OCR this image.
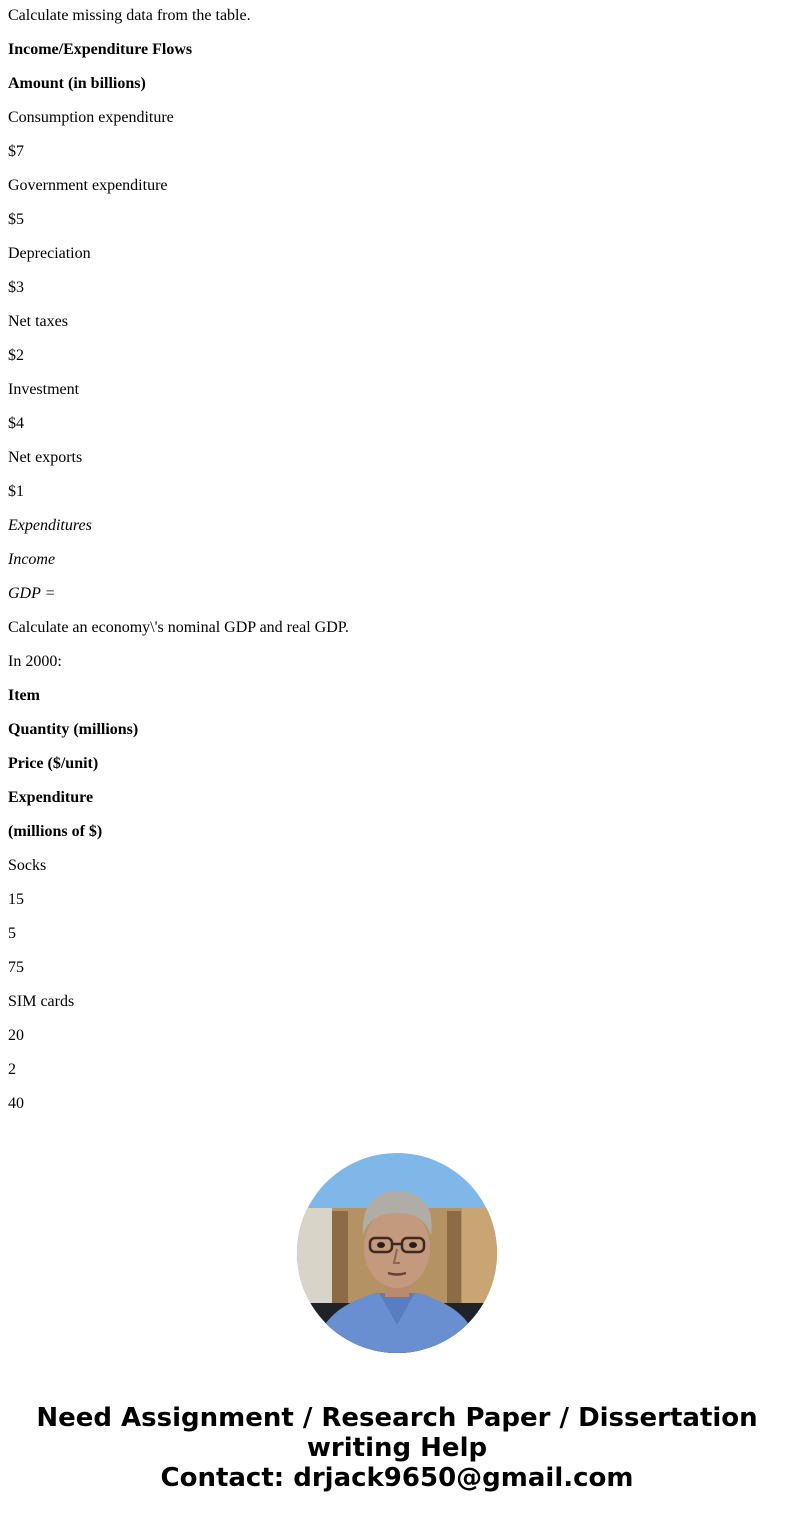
Calculate missing data from the table.

Income/Expenditure Flows

Amount (in billions)

Consumption expenditure

$7

Government expenditure

$5

Depreciation

$3

Net taxes

$2

Investment

$4

Net exports

$1

Expenditures

Income

GDP =

Calculate an economy\'s nominal GDP and real GDP.

In 2000:

Item

Quantity (millions)

Price ($/unit)

Expenditure

(millions of $)

Socks

15

5

75

SIM cards

20

2

40

Need Assignment / Research Paper / Dissertation
writing Help
Contact: drjack9650@gmail.com
